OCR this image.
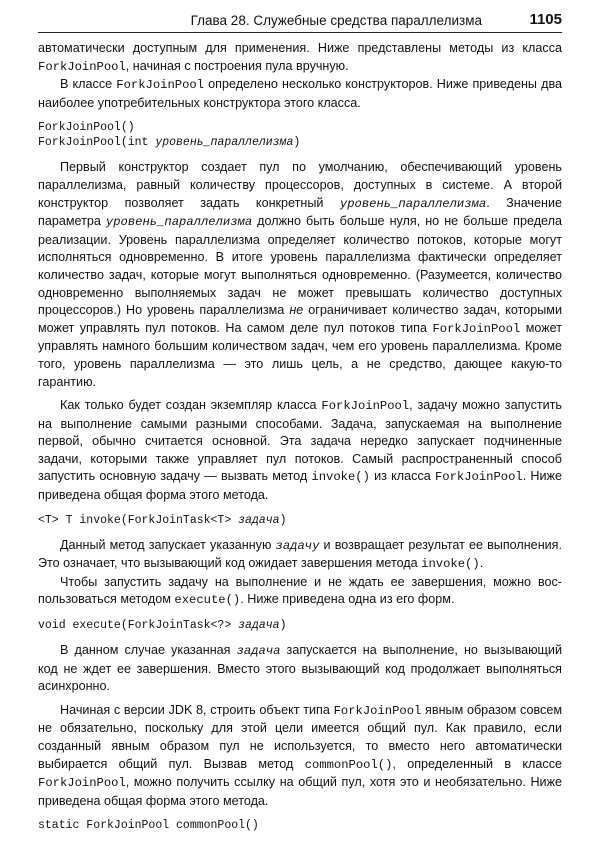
Глава 28. Служебные средства параллелизма	1105

автоматически доступным для применения. Ниже представлены методы из класса ForkJoinPool, начиная с построения пула вручную.

В классе ForkJoinPool определено несколько конструкторов. Ниже приведены два наиболее употребительных конструктора этого класса.

ForkJoinPool()
ForkJoinPool(int уровень_параллелизма)

Первый конструктор создает пул по умолчанию, обеспечивающий уровень параллелизма, равный количеству процессоров, доступных в системе. А второй конструктор позволяет задать конкретный уровень_параллелизма. Значение параметра уровень_параллелизма должно быть больше нуля, но не больше предела реализации. Уровень параллелизма определяет количество потоков, которые могут исполняться одновременно. В итоге уровень параллелизма фактически определяет количество задач, которые могут выполняться одновременно. (Разумеется, количество одновременно выполняемых задач не может превышать количество доступных процессоров.) Но уровень параллелизма не ограничивает количество задач, которыми может управлять пул потоков. На самом деле пул потоков типа ForkJoinPool может управлять намного большим количеством задач, чем его уровень параллелизма. Кроме того, уровень параллелизма — это лишь цель, а не средство, дающее какую-то гарантию.

Как только будет создан экземпляр класса ForkJoinPool, задачу можно запустить на выполнение самыми разными способами. Задача, запускаемая на выполнение первой, обычно считается основной. Эта задача нередко запускает подчиненные задачи, которыми также управляет пул потоков. Самый распространенный способ запустить основную задачу — вызвать метод invoke() из класса ForkJoinPool. Ниже приведена общая форма этого метода.

<T> T invoke(ForkJoinTask<T> задача)

Данный метод запускает указанную задачу и возвращает результат ее выполнения. Это означает, что вызывающий код ожидает завершения метода invoke().

Чтобы запустить задачу на выполнение и не ждать ее завершения, можно воспользоваться методом execute(). Ниже приведена одна из его форм.

void execute(ForkJoinTask<?> задача)

В данном случае указанная задача запускается на выполнение, но вызывающий код не ждет ее завершения. Вместо этого вызывающий код продолжает выполняться асинхронно.

Начиная с версии JDK 8, строить объект типа ForkJoinPool явным образом совсем не обязательно, поскольку для этой цели имеется общий пул. Как правило, если созданный явным образом пул не используется, то вместо него автоматически выбирается общий пул. Вызвав метод commonPool(), определенный в классе ForkJoinPool, можно получить ссылку на общий пул, хотя это и необязательно. Ниже приведена общая форма этого метода.

static ForkJoinPool commonPool()
